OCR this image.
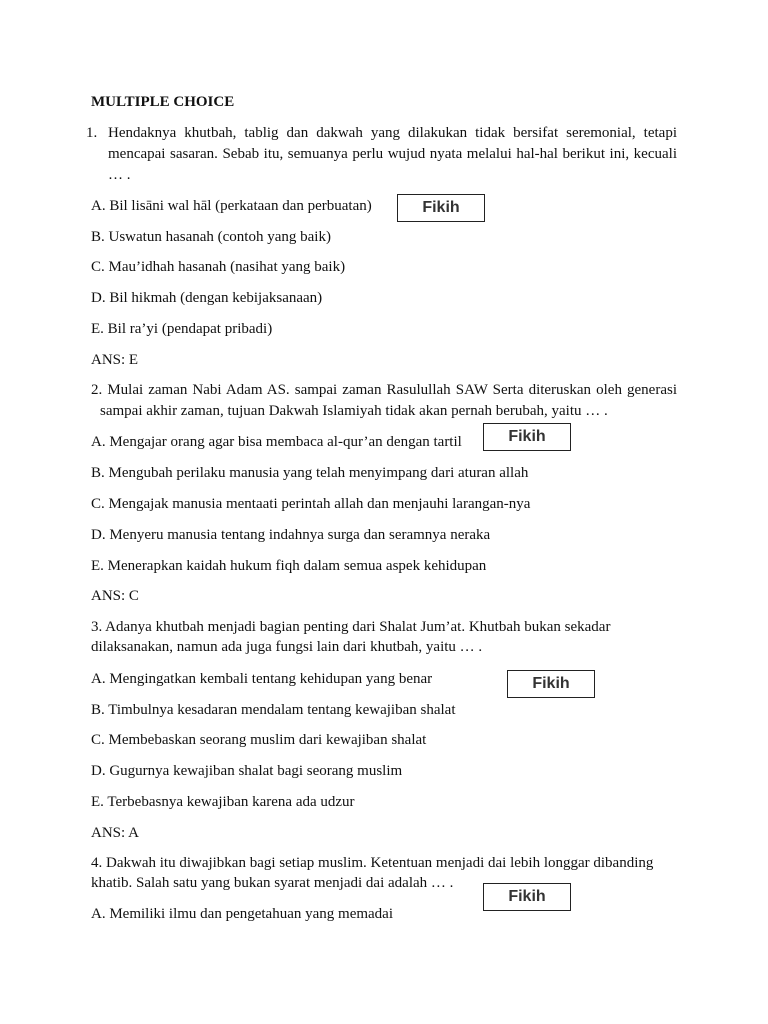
MULTIPLE CHOICE
1. Hendaknya khutbah, tablig dan dakwah yang dilakukan tidak bersifat seremonial, tetapi mencapai sasaran. Sebab itu, semuanya perlu wujud nyata melalui hal-hal berikut ini, kecuali … .
A. Bil lisāni wal hāl (perkataan dan perbuatan)	Fikih
B. Uswatun hasanah (contoh yang baik)
C. Mau’idhah hasanah (nasihat yang baik)
D. Bil hikmah (dengan kebijaksanaan)
E. Bil ra’yi (pendapat pribadi)
ANS: E
2. Mulai zaman Nabi Adam AS. sampai zaman Rasulullah SAW Serta diteruskan oleh generasi sampai akhir zaman, tujuan Dakwah Islamiyah tidak akan pernah berubah, yaitu … .
A. Mengajar orang agar bisa membaca al-qur’an dengan tartil	Fikih
B. Mengubah perilaku manusia yang telah menyimpang dari aturan allah
C. Mengajak manusia mentaati perintah allah dan menjauhi larangan-nya
D. Menyeru manusia tentang indahnya surga dan seramnya neraka
E. Menerapkan kaidah hukum fiqh dalam semua aspek kehidupan
ANS: C
3. Adanya khutbah menjadi bagian penting dari Shalat Jum’at. Khutbah bukan sekadar
dilaksanakan, namun ada juga fungsi lain dari khutbah, yaitu … .
A. Mengingatkan kembali tentang kehidupan yang benar	Fikih
B. Timbulnya kesadaran mendalam tentang kewajiban shalat
C. Membebaskan seorang muslim dari kewajiban shalat
D. Gugurnya kewajiban shalat bagi seorang muslim
E. Terbebasnya kewajiban karena ada udzur
ANS: A
4. Dakwah itu diwajibkan bagi setiap muslim. Ketentuan menjadi dai lebih longgar dibanding
khatib. Salah satu yang bukan syarat menjadi dai adalah … .
Fikih
A. Memiliki ilmu dan pengetahuan yang memadai
